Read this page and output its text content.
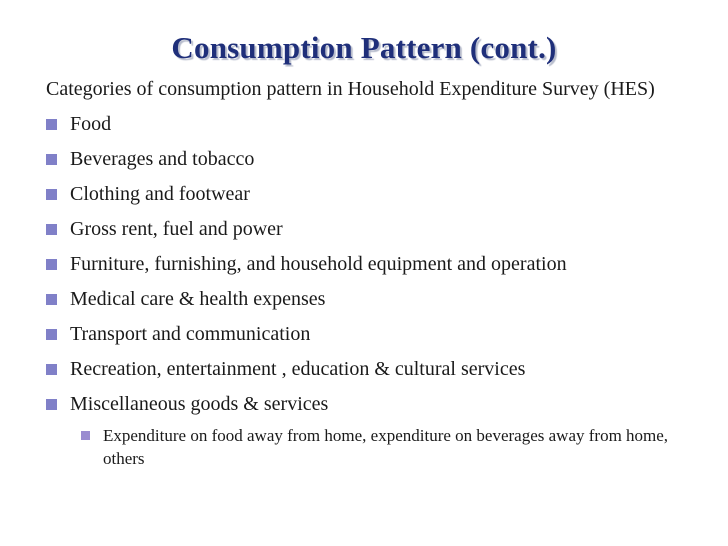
Consumption Pattern (cont.)
Categories of consumption pattern in Household Expenditure Survey (HES)
Food
Beverages and tobacco
Clothing and footwear
Gross rent, fuel and power
Furniture, furnishing, and household equipment and operation
Medical care & health expenses
Transport and communication
Recreation, entertainment , education & cultural services
Miscellaneous goods & services
Expenditure on food away from home, expenditure on beverages away from home, others
